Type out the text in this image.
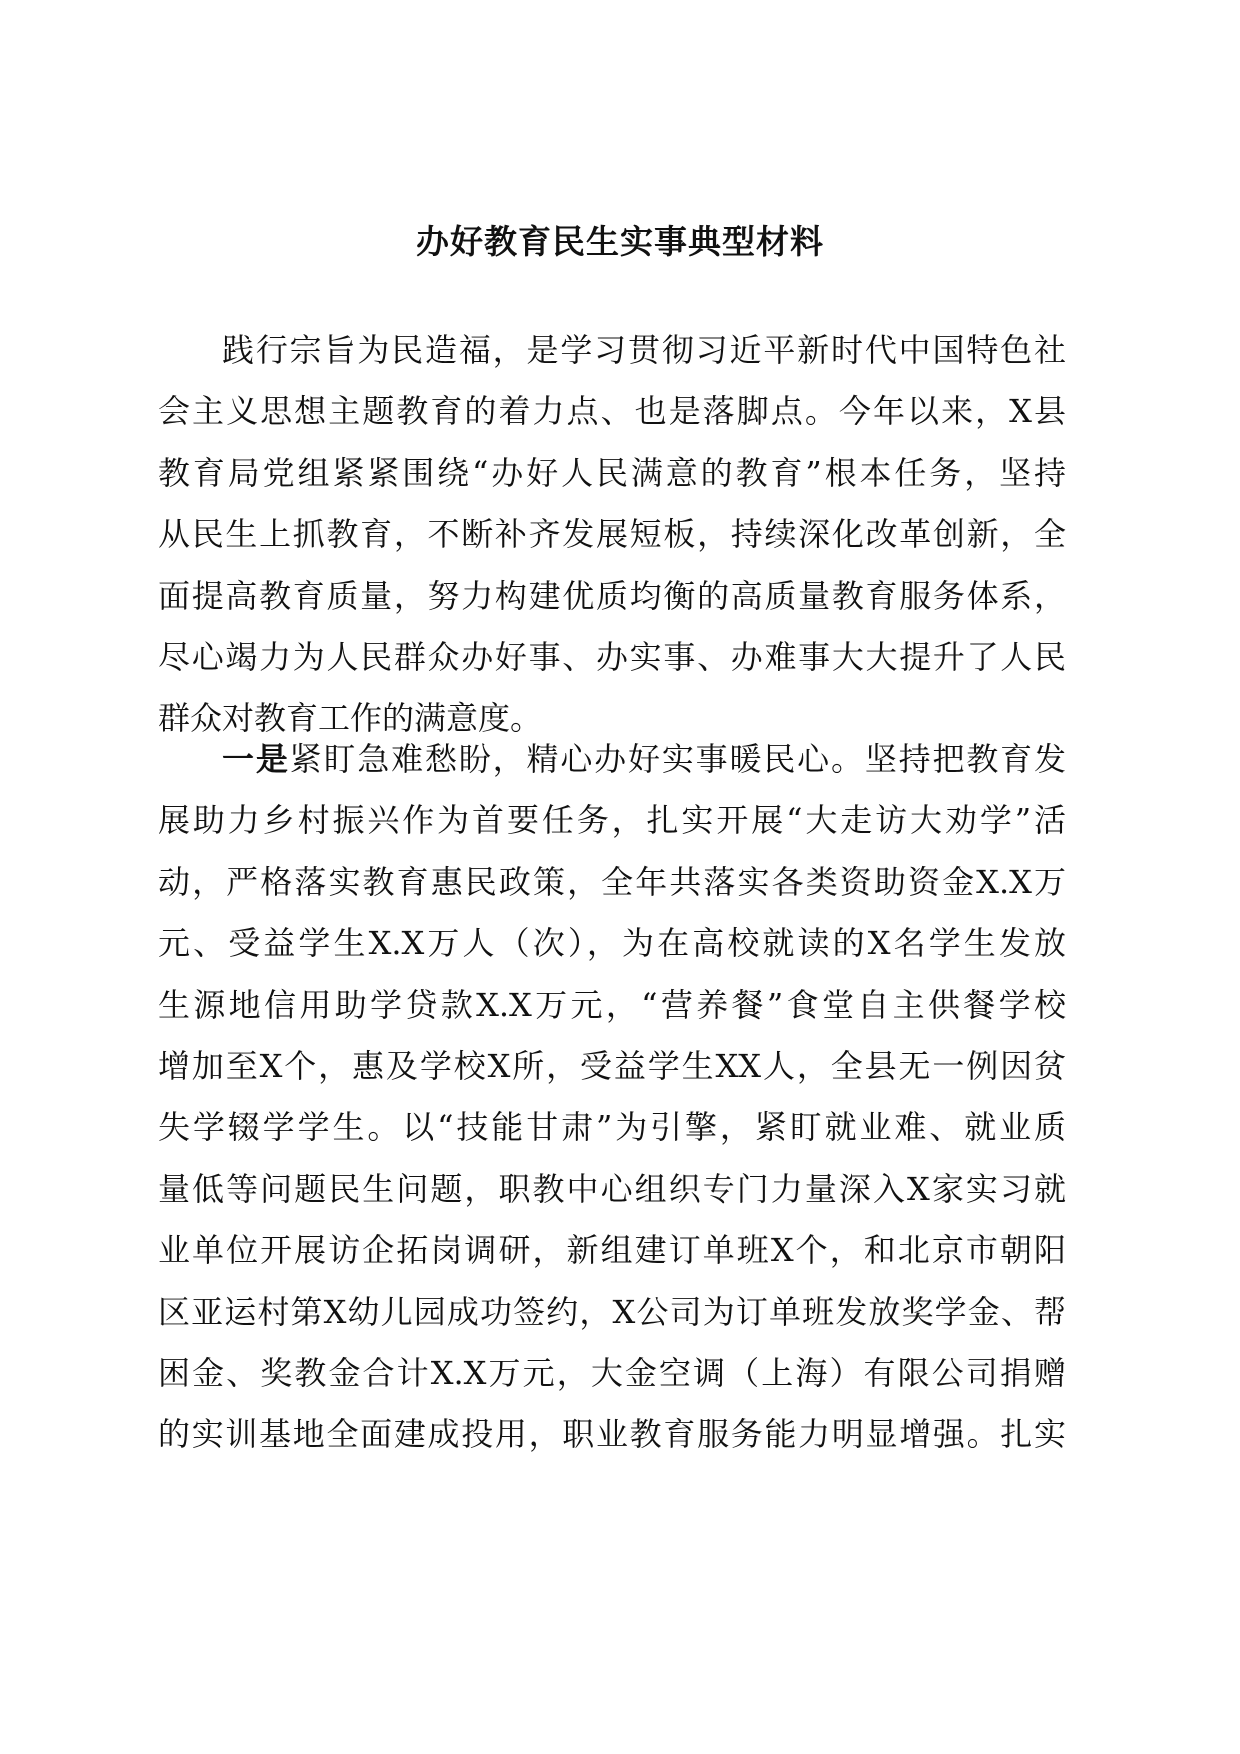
办好教育民生实事典型材料
践行宗旨为民造福，是学习贯彻习近平新时代中国特色社
会主义思想主题教育的着力点、也是落脚点。今年以来，X县
教育局党组紧紧围绕“办好人民满意的教育”根本任务，坚持
从民生上抓教育，不断补齐发展短板，持续深化改革创新，全
面提高教育质量，努力构建优质均衡的高质量教育服务体系，
尽心竭力为人民群众办好事、办实事、办难事大大提升了人民
群众对教育工作的满意度。
一是紧盯急难愁盼，精心办好实事暖民心。坚持把教育发
展助力乡村振兴作为首要任务，扎实开展“大走访大劝学”活
动，严格落实教育惠民政策，全年共落实各类资助资金X.X万
元、受益学生X.X万人（次），为在高校就读的X名学生发放
生源地信用助学贷款X.X万元，“营养餐”食堂自主供餐学校
增加至X个，惠及学校X所，受益学生XX人，全县无一例因贫
失学辍学学生。以“技能甘肃”为引擎，紧盯就业难、就业质
量低等问题民生问题，职教中心组织专门力量深入X家实习就
业单位开展访企拓岗调研，新组建订单班X个，和北京市朝阳
区亚运村第X幼儿园成功签约，X公司为订单班发放奖学金、帮
困金、奖教金合计X.X万元，大金空调（上海）有限公司捐赠
的实训基地全面建成投用，职业教育服务能力明显增强。扎实
